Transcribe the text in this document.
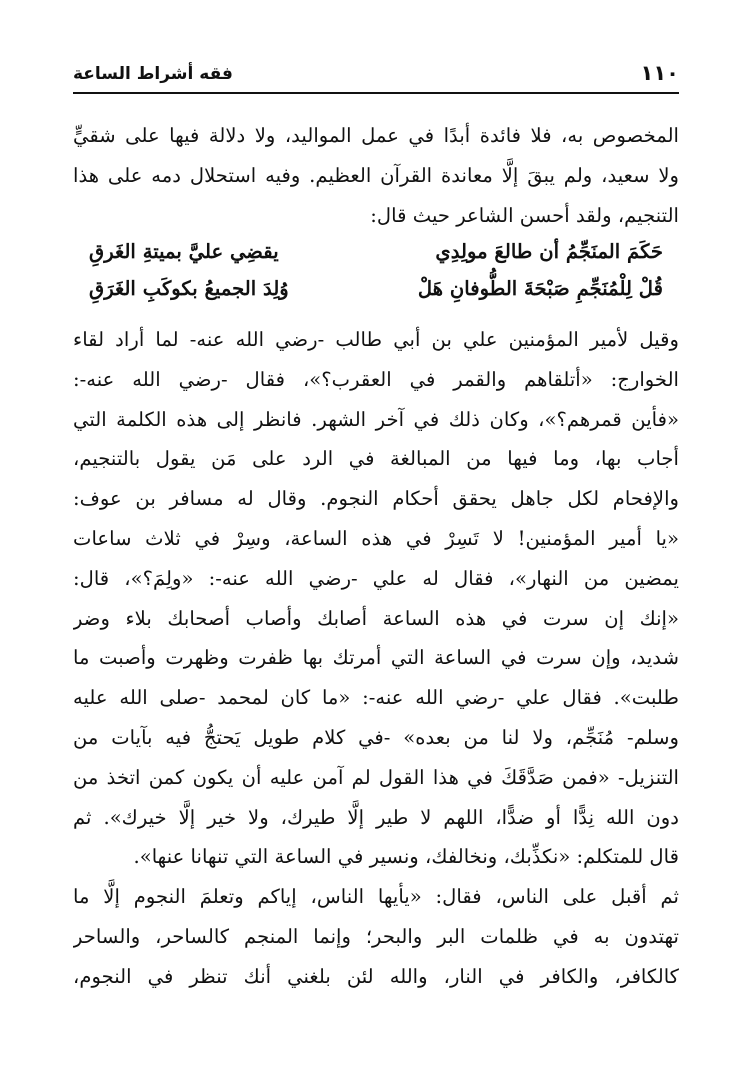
١١٠
فقه أشراط الساعة
المخصوص به، فلا فائدة أبدًا في عمل المواليد، ولا دلالة فيها على شقيٍّ
ولا سعيد، ولم يبقَ إلَّا معاندة القرآن العظيم. وفيه استحلال دمه على هذا
التنجيم، ولقد أحسن الشاعر حيث قال:
حَكَمَ المنَجِّمُ أن طالعَ مولِدِي
يقضِي عليَّ بميتةِ الغَرقِ
قُلْ لِلْمُنَجِّمِ صَبْحَةَ الطُّوفانِ هَلْ
وُلِدَ الجميعُ بكوكَبِ الغَرَقِ
وقيل لأمير المؤمنين علي بن أبي طالب -رضي الله عنه- لما أراد لقاء
الخوارج: «أتلقاهم والقمر في العقرب؟»، فقال -رضي الله عنه-:
«فأين قمرهم؟»، وكان ذلك في آخر الشهر. فانظر إلى هذه الكلمة التي
أجاب بها، وما فيها من المبالغة في الرد على مَن يقول بالتنجيم،
والإفحام لكل جاهل يحقق أحكام النجوم. وقال له مسافر بن عوف:
«يا أمير المؤمنين! لا تَسِرْ في هذه الساعة، وسِرْ في ثلاث ساعات
يمضين من النهار»، فقال له علي -رضي الله عنه-: «ولِمَ؟»، قال:
«إنك إن سرت في هذه الساعة أصابك وأصاب أصحابك بلاء وضر
شديد، وإن سرت في الساعة التي أمرتك بها ظفرت وظهرت وأصبت ما
طلبت». فقال علي -رضي الله عنه-: «ما كان لمحمد -صلى الله عليه
وسلم- مُنَجِّم، ولا لنا من بعده» -في كلام طويل يَحتجُّ فيه بآيات من
التنزيل- «فمن صَدَّقَكَ في هذا القول لم آمن عليه أن يكون كمن اتخذ من
دون الله نِدًّا أو ضدًّا، اللهم لا طير إلَّا طيرك، ولا خير إلَّا خيرك». ثم
قال للمتكلم: «نكذِّبك، ونخالفك، ونسير في الساعة التي تنهانا عنها».
ثم أقبل على الناس، فقال: «يأيها الناس، إياكم وتعلمَ النجوم إلَّا ما
تهتدون به في ظلمات البر والبحر؛ وإنما المنجم كالساحر، والساحر
كالكافر، والكافر في النار، والله لئن بلغني أنك تنظر في النجوم،
